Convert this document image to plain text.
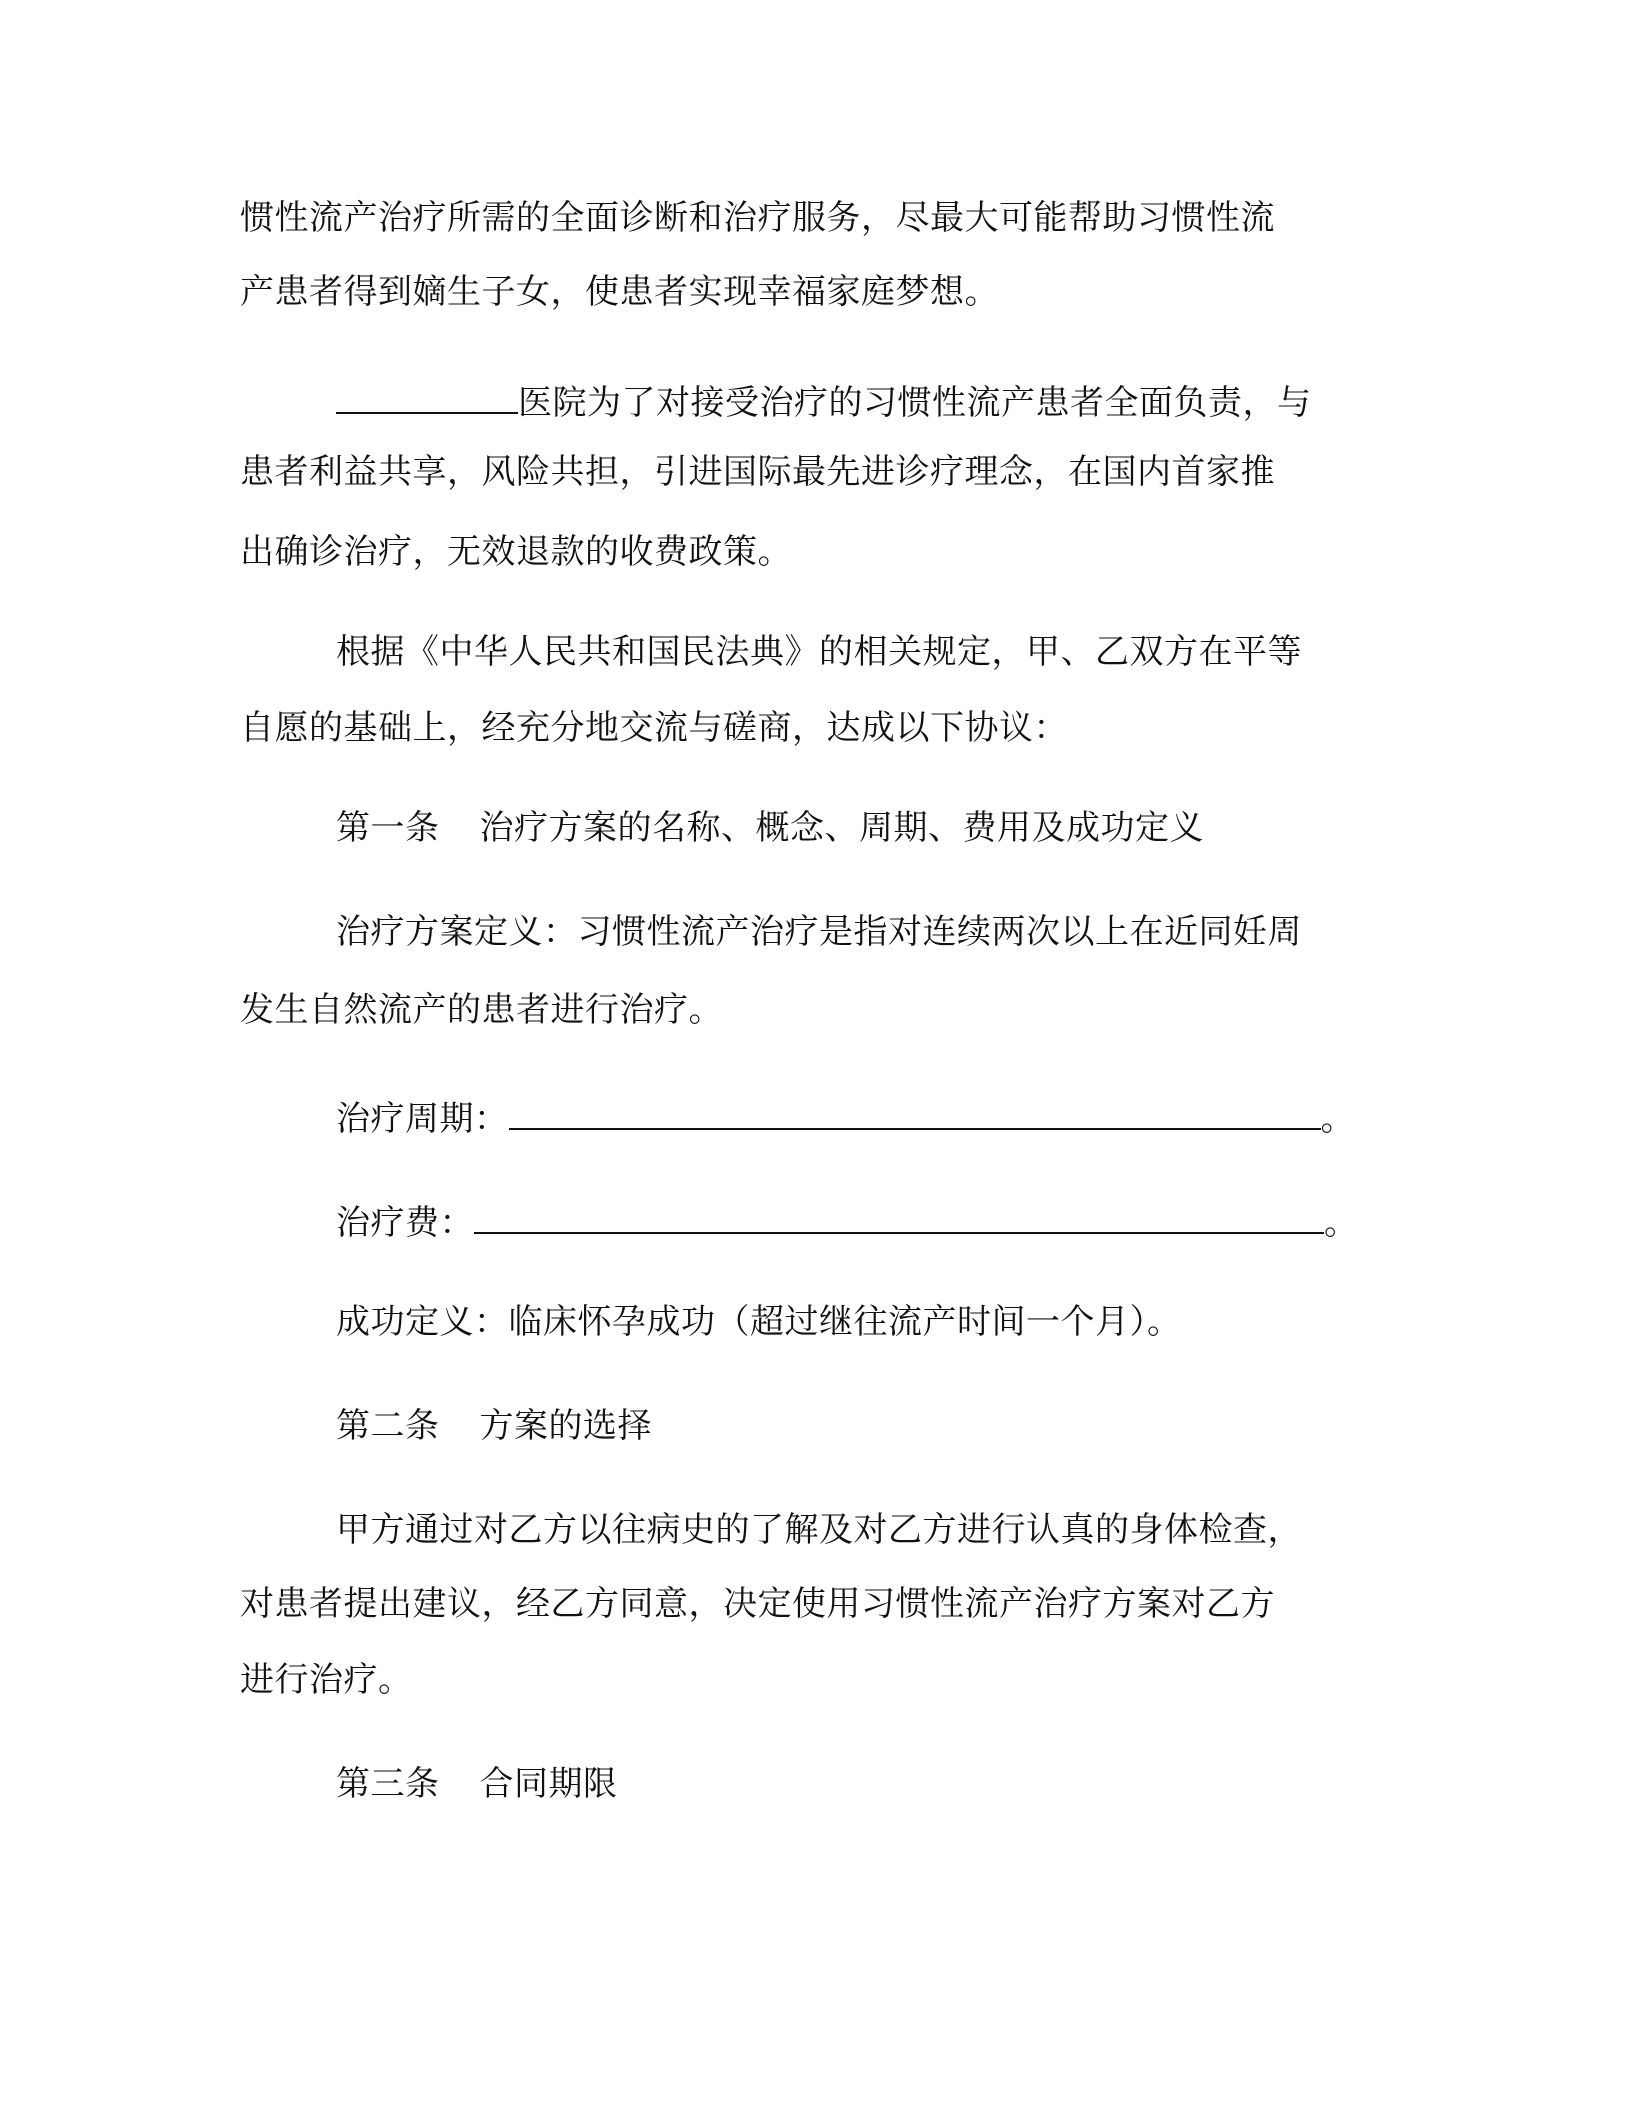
惯性流产治疗所需的全面诊断和治疗服务，尽最大可能帮助习惯性流
产患者得到嫡生子女，使患者实现幸福家庭梦想。
医院为了对接受治疗的习惯性流产患者全面负责，与
患者利益共享，风险共担，引进国际最先进诊疗理念，在国内首家推
出确诊治疗，无效退款的收费政策。
根据《中华人民共和国民法典》的相关规定，甲、乙双方在平等
自愿的基础上，经充分地交流与磋商，达成以下协议：
第一条 治疗方案的名称、概念、周期、费用及成功定义
治疗方案定义：习惯性流产治疗是指对连续两次以上在近同妊周
发生自然流产的患者进行治疗。
治疗周期：	。
治疗费：	。
成功定义：临床怀孕成功（超过继往流产时间一个月）。
第二条 方案的选择
甲方通过对乙方以往病史的了解及对乙方进行认真的身体检查，
对患者提出建议，经乙方同意，决定使用习惯性流产治疗方案对乙方
进行治疗。
第三条 合同期限
